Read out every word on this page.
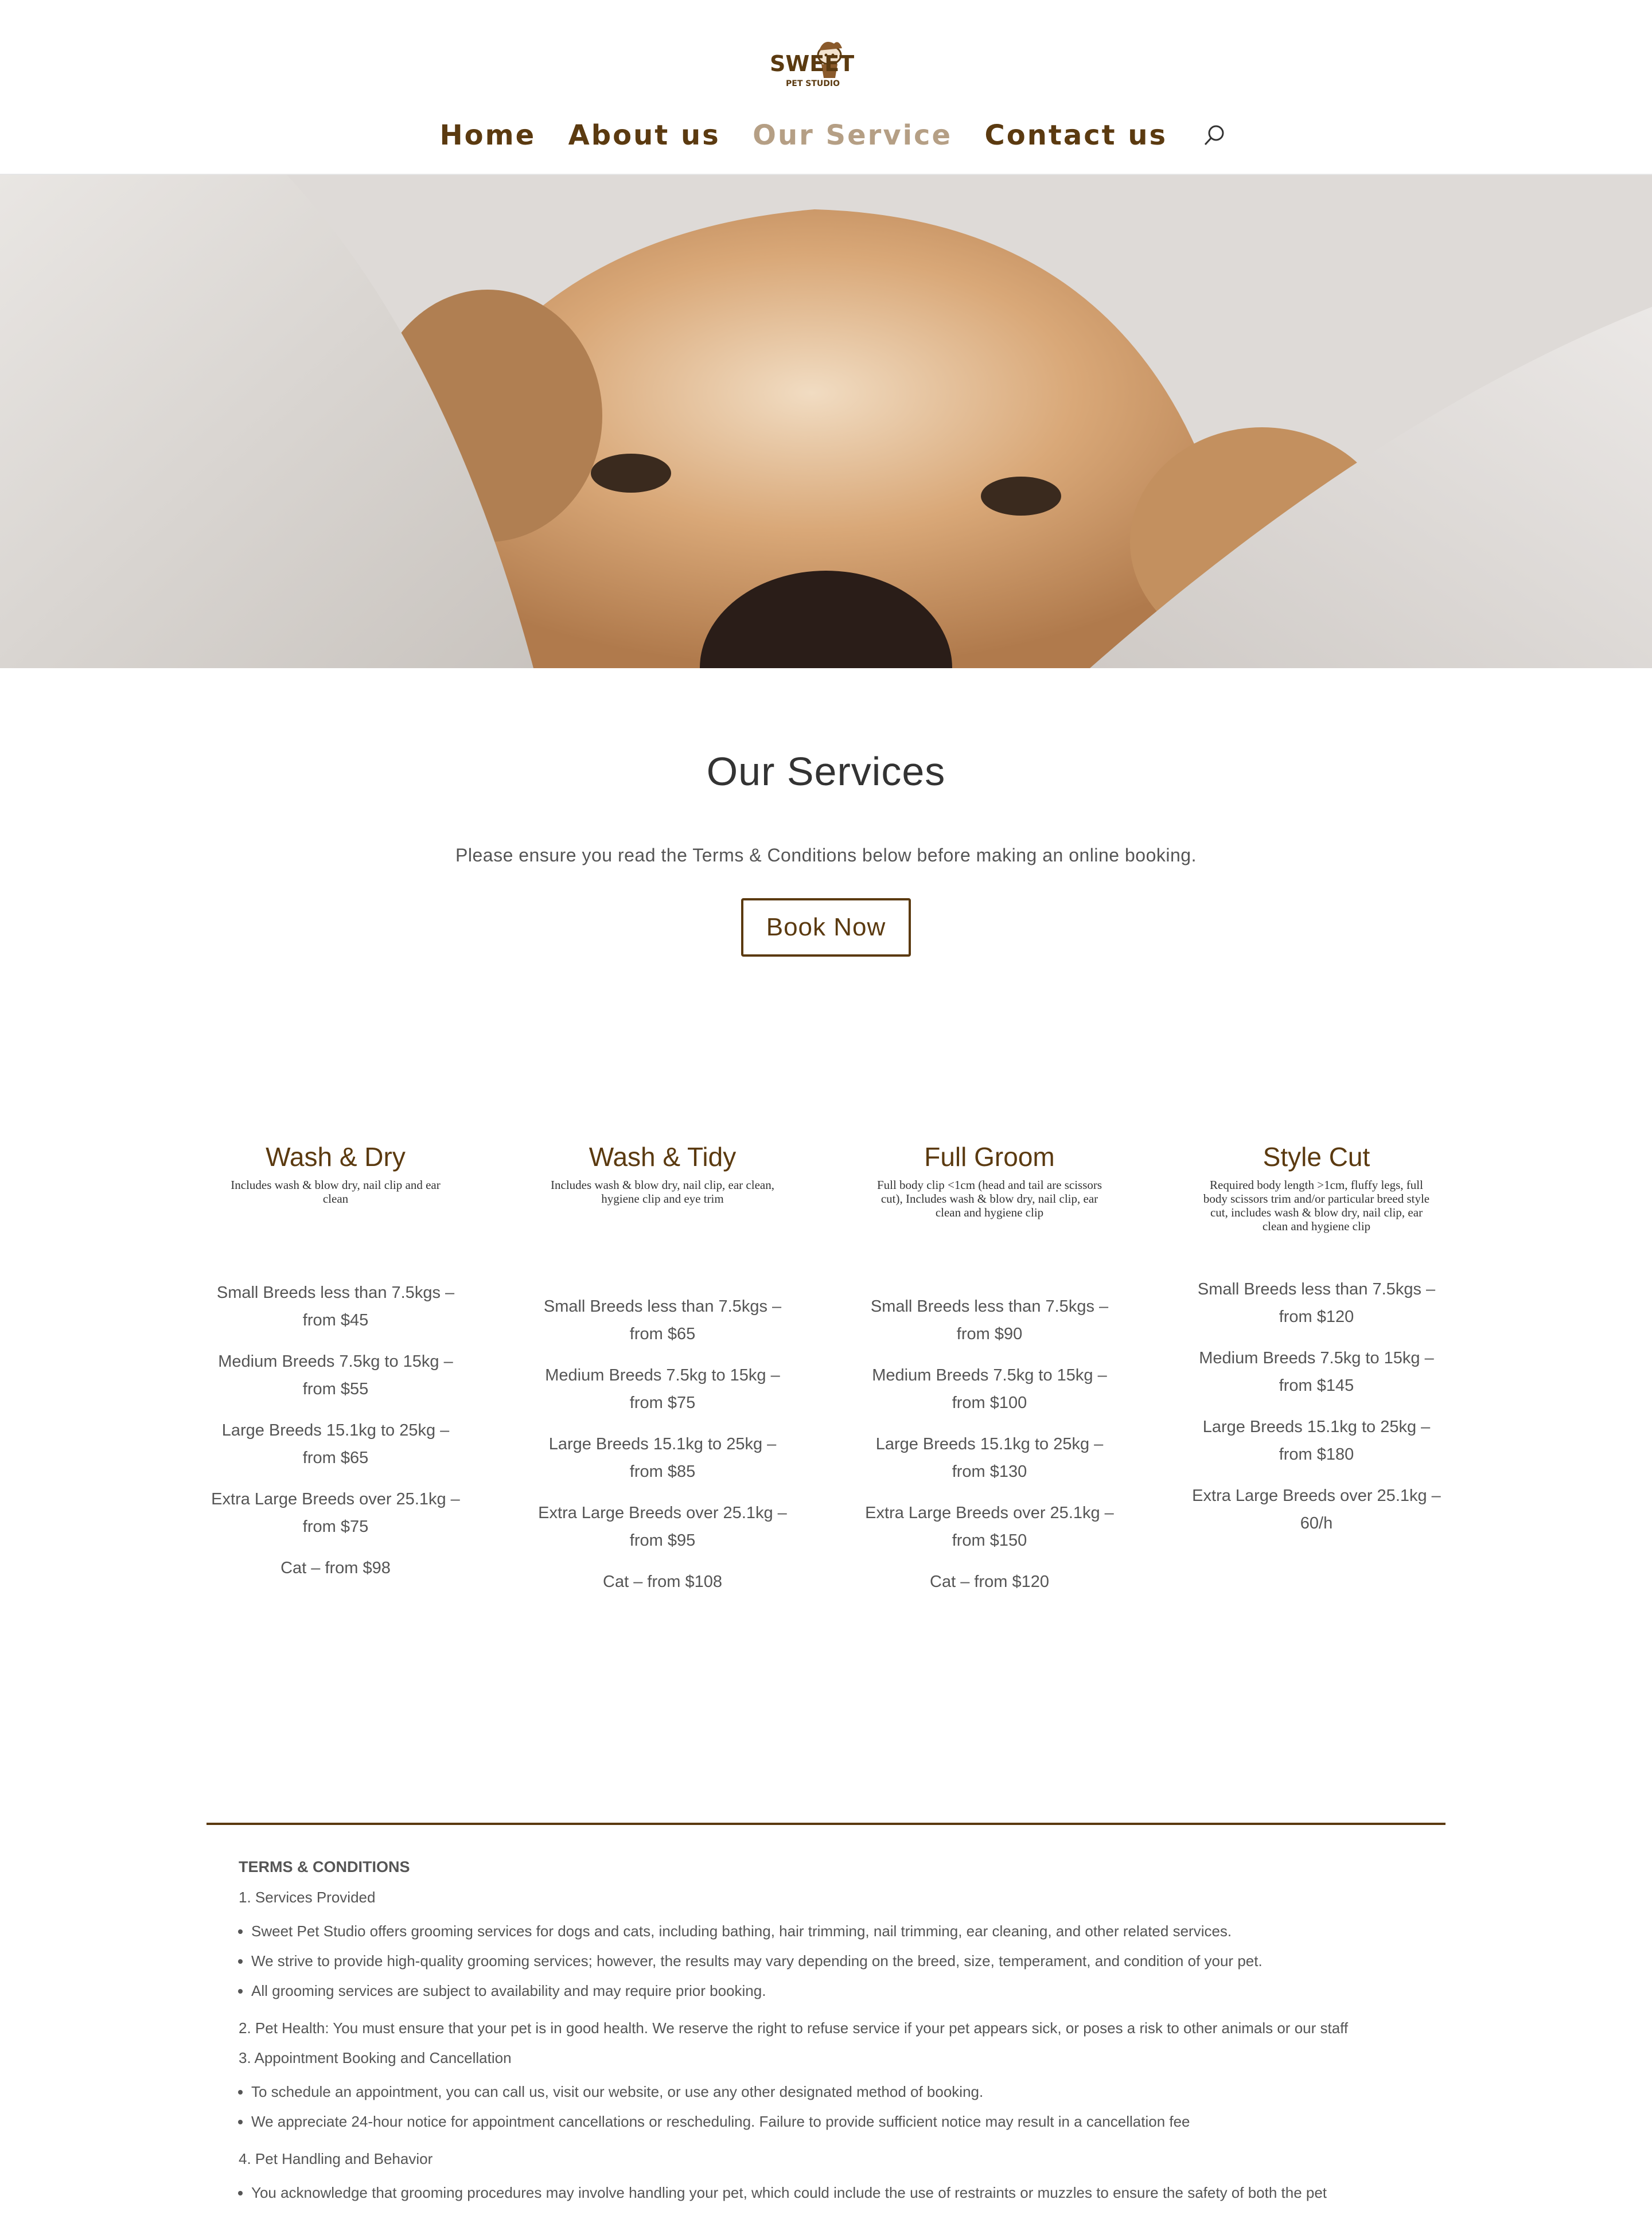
SWEET
PET STUDIO
Home About us Our Service Contact us
Our Services
Please ensure you read the Terms & Conditions below before making an online booking.
Book Now
Wash & Dry
Includes wash & blow dry, nail clip and ear clean
Small Breeds less than 7.5kgs – from $45
Medium Breeds 7.5kg to 15kg – from $55
Large Breeds 15.1kg to 25kg – from $65
Extra Large Breeds over 25.1kg – from $75
Cat – from $98
Wash & Tidy
Includes wash & blow dry, nail clip, ear clean, hygiene clip and eye trim
Small Breeds less than 7.5kgs – from $65
Medium Breeds 7.5kg to 15kg – from $75
Large Breeds 15.1kg to 25kg – from $85
Extra Large Breeds over 25.1kg – from $95
Cat – from $108
Full Groom
Full body clip <1cm (head and tail are scissors cut), Includes wash & blow dry, nail clip, ear clean and hygiene clip
Small Breeds less than 7.5kgs – from $90
Medium Breeds 7.5kg to 15kg – from $100
Large Breeds 15.1kg to 25kg – from $130
Extra Large Breeds over 25.1kg – from $150
Cat – from $120
Style Cut
Required body length >1cm, fluffy legs, full body scissors trim and/or particular breed style cut, includes wash & blow dry, nail clip, ear clean and hygiene clip
Small Breeds less than 7.5kgs – from $120
Medium Breeds 7.5kg to 15kg – from $145
Large Breeds 15.1kg to 25kg – from $180
Extra Large Breeds over 25.1kg – 60/h
TERMS & CONDITIONS
1. Services Provided
• Sweet Pet Studio offers grooming services for dogs and cats, including bathing, hair trimming, nail trimming, ear cleaning, and other related services.
• We strive to provide high-quality grooming services; however, the results may vary depending on the breed, size, temperament, and condition of your pet.
• All grooming services are subject to availability and may require prior booking.
2. Pet Health: You must ensure that your pet is in good health. We reserve the right to refuse service if your pet appears sick, or poses a risk to other animals or our staff
3. Appointment Booking and Cancellation
• To schedule an appointment, you can call us, visit our website, or use any other designated method of booking.
• We appreciate 24-hour notice for appointment cancellations or rescheduling. Failure to provide sufficient notice may result in a cancellation fee
4. Pet Handling and Behavior
• You acknowledge that grooming procedures may involve handling your pet, which could include the use of restraints or muzzles to ensure the safety of both the pet
